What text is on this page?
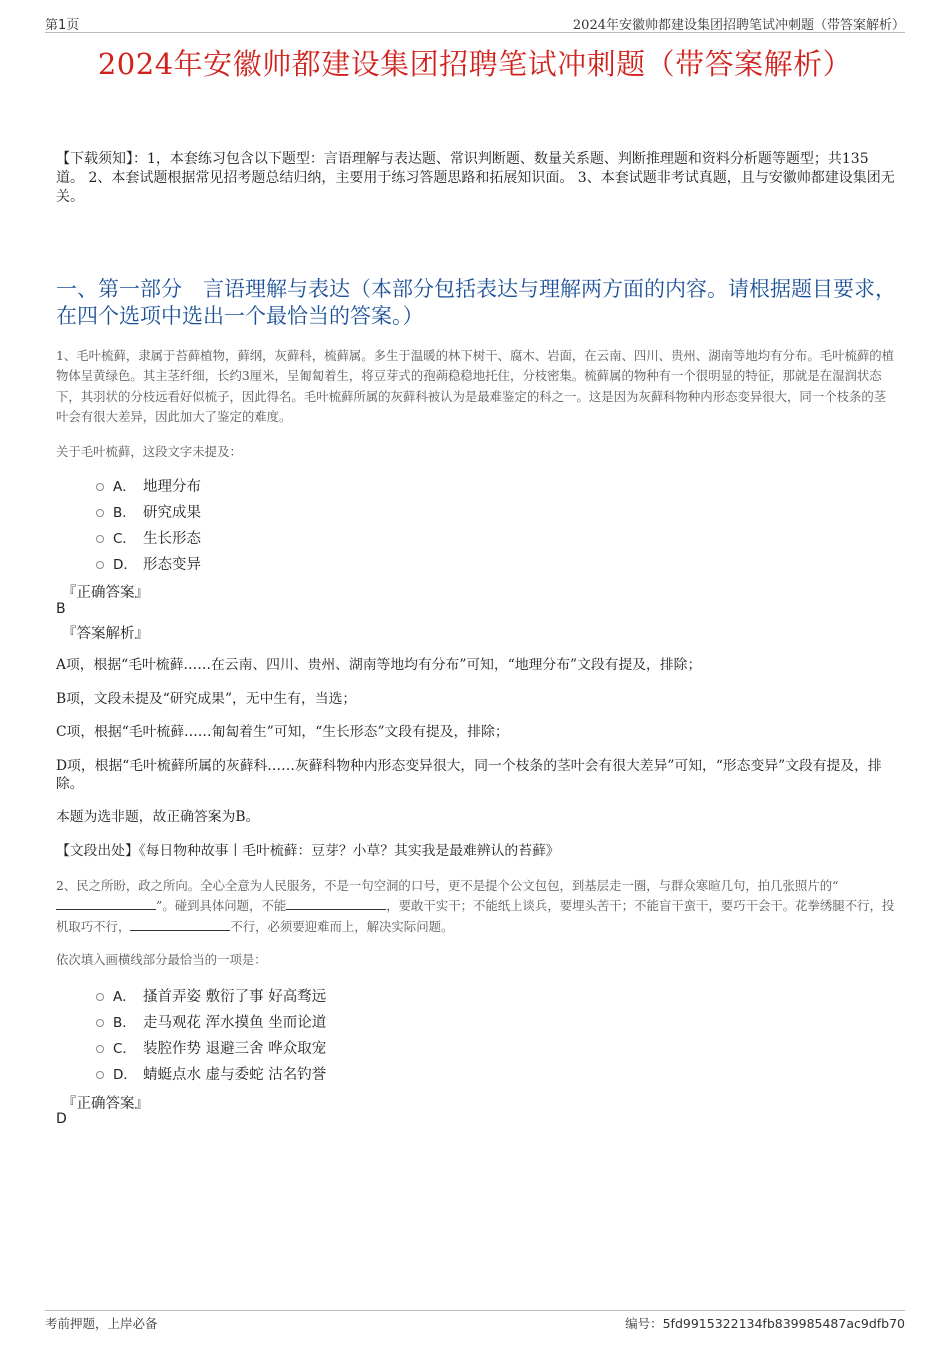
第1页	2024年安徽帅都建设集团招聘笔试冲刺题（带答案解析）
2024年安徽帅都建设集团招聘笔试冲刺题（带答案解析）
【下载须知】：1，本套练习包含以下题型：言语理解与表达题、常识判断题、数量关系题、判断推理题和资料分析题等题型；共135道。 2、本套试题根据常见招考题总结归纳，主要用于练习答题思路和拓展知识面。 3、本套试题非考试真题，且与安徽帅都建设集团无关。
一、第一部分　言语理解与表达（本部分包括表达与理解两方面的内容。请根据题目要求，在四个选项中选出一个最恰当的答案。）
1、毛叶梳藓，隶属于苔藓植物，藓纲，灰藓科，梳藓属。多生于温暖的林下树干、腐木、岩面，在云南、四川、贵州、湖南等地均有分布。毛叶梳藓的植物体呈黄绿色。其主茎纤细，长约3厘米，呈匍匐着生，将豆芽式的孢蒴稳稳地托住，分枝密集。梳藓属的物种有一个很明显的特征，那就是在湿润状态下，其羽状的分枝远看好似梳子，因此得名。毛叶梳藓所属的灰藓科被认为是最难鉴定的科之一。这是因为灰藓科物种内形态变异很大，同一个枝条的茎叶会有很大差异，因此加大了鉴定的难度。
关于毛叶梳藓，这段文字未提及：
A． 地理分布
B． 研究成果
C． 生长形态
D． 形态变异
『正确答案』
B
『答案解析』
A项，根据“毛叶梳藓……在云南、四川、贵州、湖南等地均有分布”可知，“地理分布”文段有提及，排除；
B项，文段未提及“研究成果”，无中生有，当选；
C项，根据“毛叶梳藓……匍匐着生”可知，“生长形态”文段有提及，排除；
D项，根据“毛叶梳藓所属的灰藓科……灰藓科物种内形态变异很大，同一个枝条的茎叶会有很大差异”可知，“形态变异”文段有提及，排除。
本题为选非题，故正确答案为B。
【文段出处】《每日物种故事丨毛叶梳藓：豆芽？小草？其实我是最难辨认的苔藓》
2、民之所盼，政之所向。全心全意为人民服务，不是一句空洞的口号，更不是提个公文包包，到基层走一圈，与群众寒暄几句，拍几张照片的“”。碰到具体问题，不能	，要敢干实干；不能纸上谈兵，要埋头苦干；不能盲干蛮干，要巧干会干。花拳绣腿不行，投机取巧不行，	不行，必须要迎难而上，解决实际问题。
依次填入画横线部分最恰当的一项是：
A． 搔首弄姿 敷衍了事 好高骛远
B． 走马观花 浑水摸鱼 坐而论道
C． 装腔作势 退避三舍 哗众取宠
D． 蜻蜓点水 虚与委蛇 沽名钓誉
『正确答案』
D
考前押题，上岸必备	编号：5fd9915322134fb839985487ac9dfb70
